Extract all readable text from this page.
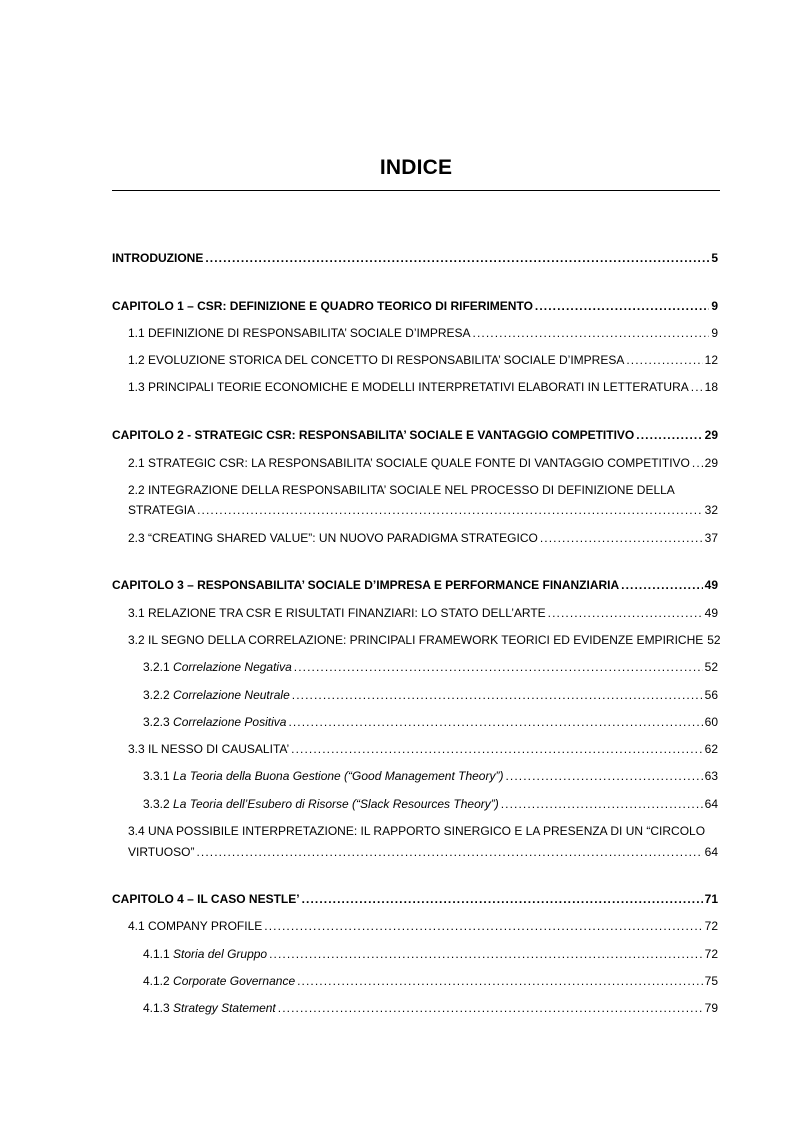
INDICE
INTRODUZIONE .....	5
CAPITOLO 1 – CSR: DEFINIZIONE E QUADRO TEORICO DI RIFERIMENTO .....	9
1.1 DEFINIZIONE DI RESPONSABILITA’ SOCIALE D’IMPRESA .....	9
1.2 EVOLUZIONE STORICA DEL CONCETTO DI RESPONSABILITA’ SOCIALE D’IMPRESA .....	12
1.3 PRINCIPALI TEORIE ECONOMICHE E MODELLI INTERPRETATIVI ELABORATI IN LETTERATURA ..... 18
CAPITOLO 2 - STRATEGIC CSR: RESPONSABILITA’ SOCIALE E VANTAGGIO COMPETITIVO .....	29
2.1 STRATEGIC CSR: LA RESPONSABILITA’ SOCIALE QUALE FONTE DI VANTAGGIO COMPETITIVO ..... 29
2.2 INTEGRAZIONE DELLA RESPONSABILITA’ SOCIALE NEL PROCESSO DI DEFINIZIONE DELLA
STRATEGIA .....	32
2.3 “CREATING SHARED VALUE”: UN NUOVO PARADIGMA STRATEGICO .....	37
CAPITOLO 3 – RESPONSABILITA’ SOCIALE D’IMPRESA E PERFORMANCE FINANZIARIA .....	49
3.1 RELAZIONE TRA CSR E RISULTATI FINANZIARI: LO STATO DELL’ARTE .....	49
3.2 IL SEGNO DELLA CORRELAZIONE: PRINCIPALI FRAMEWORK TEORICI ED EVIDENZE EMPIRICHE 52
3.2.1 Correlazione Negativa .....	52
3.2.2 Correlazione Neutrale .....	56
3.2.3 Correlazione Positiva .....	60
3.3 IL NESSO DI CAUSALITA’ .....	62
3.3.1 La Teoria della Buona Gestione (“Good Management Theory”) .....	63
3.3.2 La Teoria dell’Esubero di Risorse (“Slack Resources Theory”) .....	64
3.4 UNA POSSIBILE INTERPRETAZIONE: IL RAPPORTO SINERGICO E LA PRESENZA DI UN “CIRCOLO
VIRTUOSO” .....	64
CAPITOLO 4 – IL CASO NESTLE’ .....	71
4.1 COMPANY PROFILE .....	72
4.1.1 Storia del Gruppo .....	72
4.1.2 Corporate Governance .....	75
4.1.3 Strategy Statement .....	79
